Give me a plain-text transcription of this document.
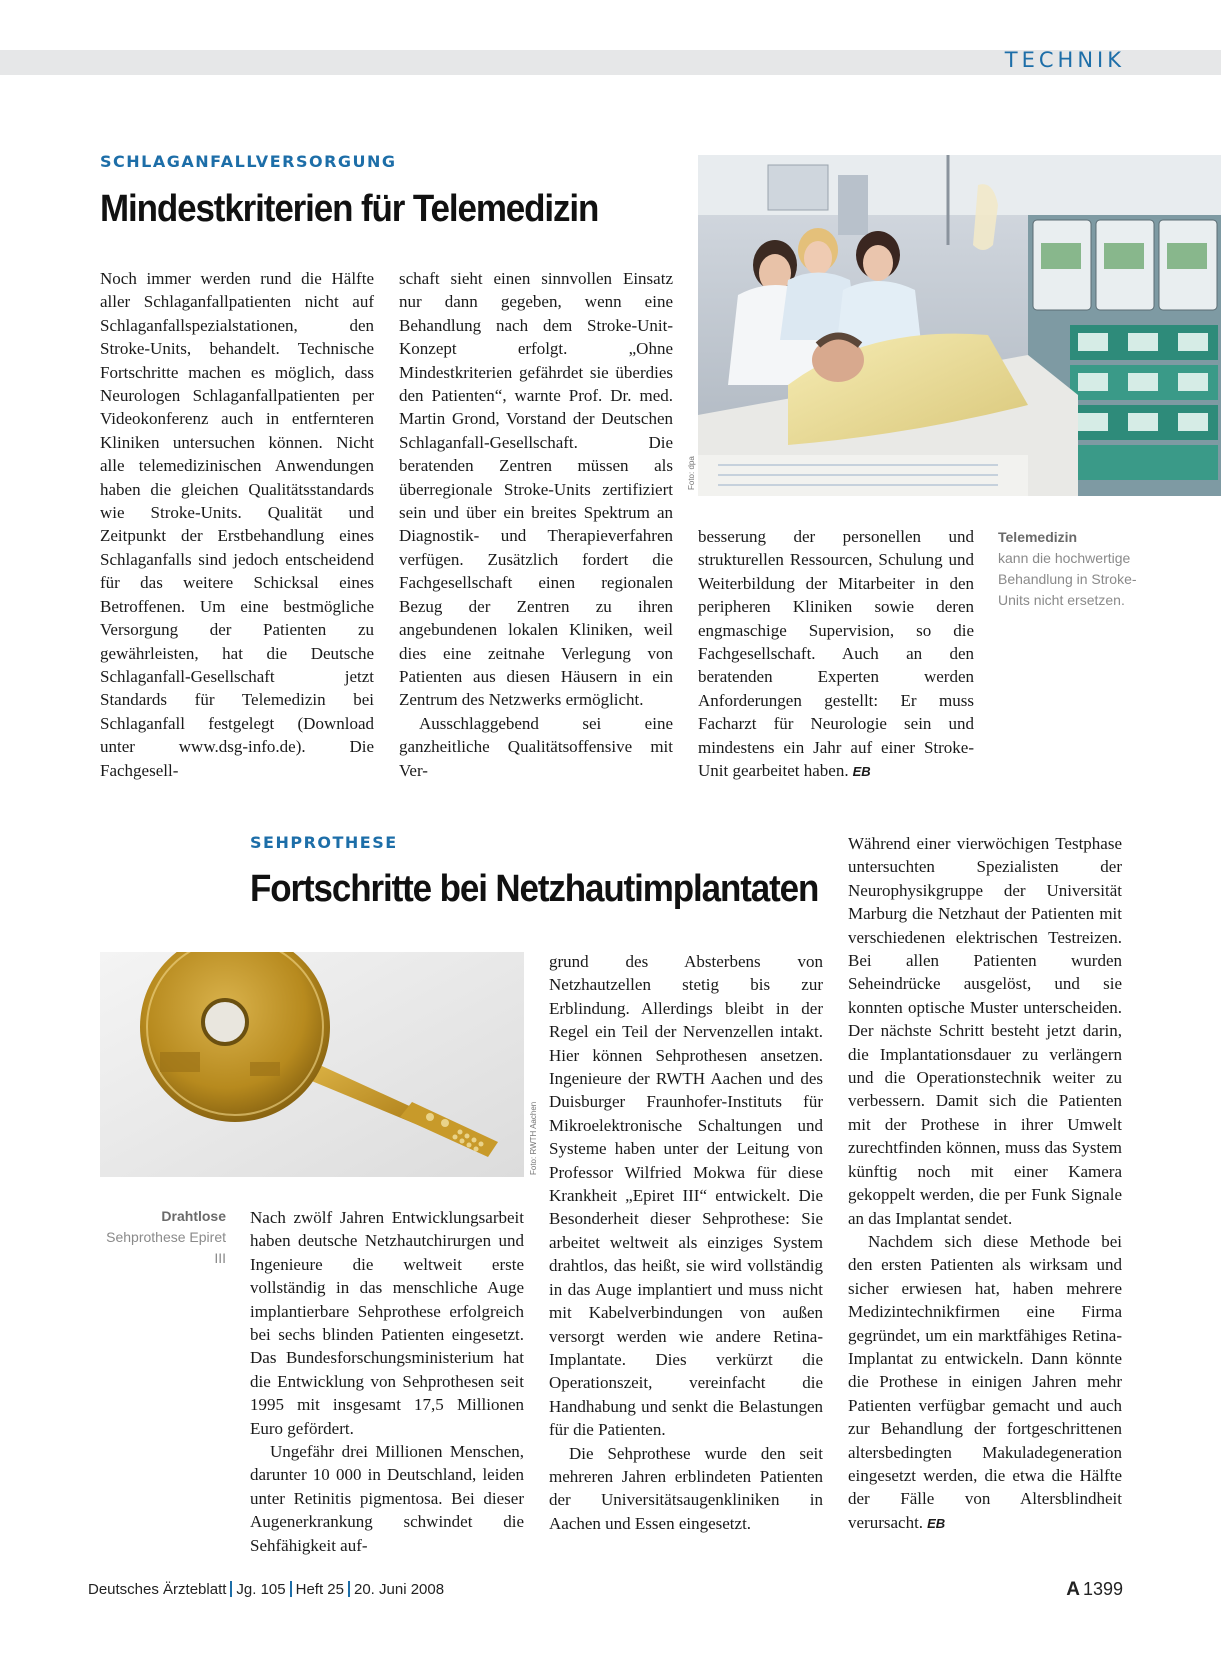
TECHNIK
SCHLAGANFALLVERSORGUNG
Mindestkriterien für Telemedizin

Noch immer werden rund die Hälfte aller Schlaganfallpatienten nicht auf Schlaganfallspezialstationen, den Stroke-Units, behandelt. Technische Fortschritte machen es möglich, dass Neurologen Schlaganfallpatienten per Videokonferenz auch in entfernteren Kliniken untersuchen können. Nicht alle telemedizinischen Anwendungen haben die gleichen Qualitätsstandards wie Stroke-Units. Qualität und Zeitpunkt der Erstbehandlung eines Schlaganfalls sind jedoch entscheidend für das weitere Schicksal eines Betroffenen. Um eine bestmögliche Versorgung der Patienten zu gewährleisten, hat die Deutsche Schlaganfall-Gesellschaft jetzt Standards für Telemedizin bei Schlaganfall festgelegt (Download unter www.dsg-info.de). Die Fachgesell-

schaft sieht einen sinnvollen Einsatz nur dann gegeben, wenn eine Behandlung nach dem Stroke-Unit-Konzept erfolgt. „Ohne Mindestkriterien gefährdet sie überdies den Patienten“, warnte Prof. Dr. med. Martin Grond, Vorstand der Deutschen Schlaganfall-Gesellschaft. Die beratenden Zentren müssen als überregionale Stroke-Units zertifiziert sein und über ein breites Spektrum an Diagnostik- und Therapieverfahren verfügen. Zusätzlich fordert die Fachgesellschaft einen regionalen Bezug der Zentren zu ihren angebundenen lokalen Kliniken, weil dies eine zeitnahe Verlegung von Patienten aus diesen Häusern in ein Zentrum des Netzwerks ermöglicht.

Ausschlaggebend sei eine ganzheitliche Qualitätsoffensive mit Ver-

besserung der personellen und strukturellen Ressourcen, Schulung und Weiterbildung der Mitarbeiter in den peripheren Kliniken sowie deren engmaschige Supervision, so die Fachgesellschaft. Auch an den beratenden Experten werden Anforderungen gestellt: Er muss Facharzt für Neurologie sein und mindestens ein Jahr auf einer Stroke-Unit gearbeitet haben. EB

Foto: dpa
Telemedizin
kann die hochwertige Behandlung in Stroke-Units nicht ersetzen.
SEHPROTHESE
Fortschritte bei Netzhautimplantaten
Foto: RWTH Aachen
Drahtlose
Sehprothese Epiret III

Nach zwölf Jahren Entwicklungsarbeit haben deutsche Netzhautchirurgen und Ingenieure die weltweit erste vollständig in das menschliche Auge implantierbare Sehprothese erfolgreich bei sechs blinden Patienten eingesetzt. Das Bundesforschungsministerium hat die Entwicklung von Sehprothesen seit 1995 mit insgesamt 17,5 Millionen Euro gefördert.

Ungefähr drei Millionen Menschen, darunter 10 000 in Deutschland, leiden unter Retinitis pigmentosa. Bei dieser Augenerkrankung schwindet die Sehfähigkeit auf-

grund des Absterbens von Netzhautzellen stetig bis zur Erblindung. Allerdings bleibt in der Regel ein Teil der Nervenzellen intakt. Hier können Sehprothesen ansetzen. Ingenieure der RWTH Aachen und des Duisburger Fraunhofer-Instituts für Mikroelektronische Schaltungen und Systeme haben unter der Leitung von Professor Wilfried Mokwa für diese Krankheit „Epiret III“ entwickelt. Die Besonderheit dieser Sehprothese: Sie arbeitet weltweit als einziges System drahtlos, das heißt, sie wird vollständig in das Auge implantiert und muss nicht mit Kabelverbindungen von außen versorgt werden wie andere Retina-Implantate. Dies verkürzt die Operationszeit, vereinfacht die Handhabung und senkt die Belastungen für die Patienten.

Die Sehprothese wurde den seit mehreren Jahren erblindeten Patienten der Universitätsaugenkliniken in Aachen und Essen eingesetzt.

Während einer vierwöchigen Testphase untersuchten Spezialisten der Neurophysikgruppe der Universität Marburg die Netzhaut der Patienten mit verschiedenen elektrischen Testreizen. Bei allen Patienten wurden Seheindrücke ausgelöst, und sie konnten optische Muster unterscheiden. Der nächste Schritt besteht jetzt darin, die Implantationsdauer zu verlängern und die Operationstechnik weiter zu verbessern. Damit sich die Patienten mit der Prothese in ihrer Umwelt zurechtfinden können, muss das System künftig noch mit einer Kamera gekoppelt werden, die per Funk Signale an das Implantat sendet.

Nachdem sich diese Methode bei den ersten Patienten als wirksam und sicher erwiesen hat, haben mehrere Medizintechnikfirmen eine Firma gegründet, um ein marktfähiges Retina-Implantat zu entwickeln. Dann könnte die Prothese in einigen Jahren mehr Patienten verfügbar gemacht und auch zur Behandlung der fortgeschrittenen altersbedingten Makuladegeneration eingesetzt werden, die etwa die Hälfte der Fälle von Altersblindheit verursacht. EB

Deutsches Ärzteblatt Jg. 105 Heft 25 20. Juni 2008	A 1399
